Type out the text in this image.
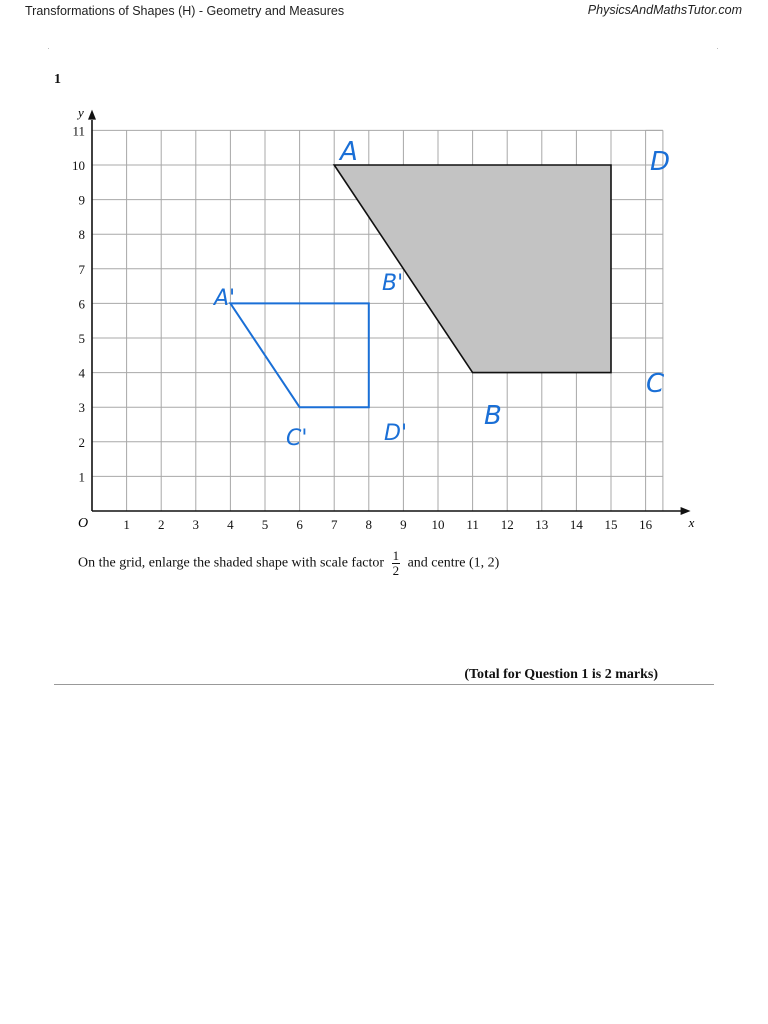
Transformations of Shapes (H) - Geometry and Measures	PhysicsAndMathsTutor.com
1
1 2 3 4 5 6 7 8 9 10 11 12 13 14 15 16
1
2
3
4
5
6
7
8
9
10
11
x
y
O
A	D
C
B
A'
B'
C'	D'
On the grid, enlarge the shaded shape with scale factor $\frac{1}{2}$ and centre (1, 2)
(Total for Question 1 is 2 marks)
